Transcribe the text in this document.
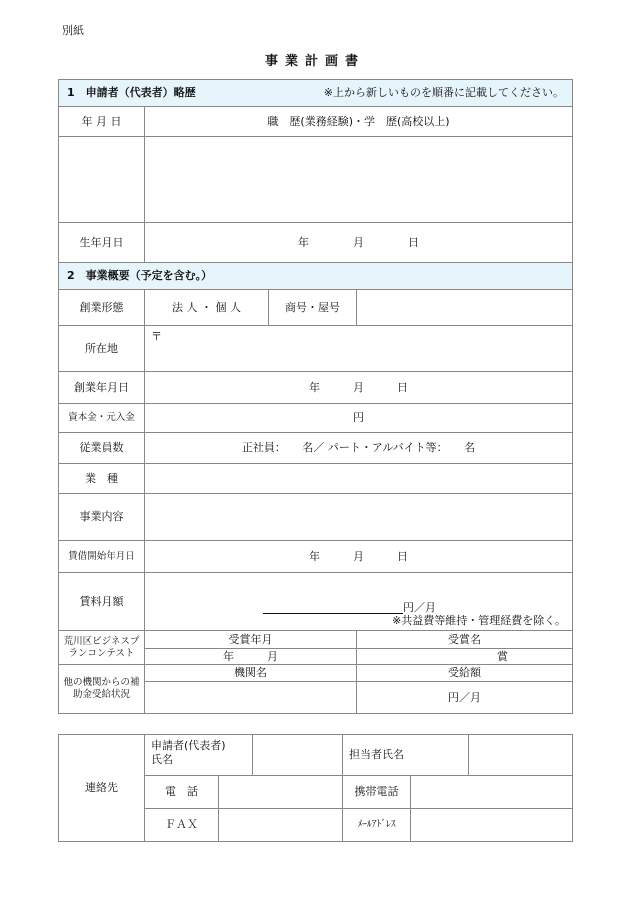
別紙
事業計画書
1　申請者（代表者）略歴 ※上から新しいものを順番に記載してください。			

年 月 日	職　歴(業務経験)・学　歴(高校以上)		

生年月日	年　　　　月　　　　日		
2　事業概要（予定を含む。）			
創業形態	法 人 ・ 個 人	商号・屋号	
所在地	〒		
創業年月日	年　　　月　　　日		
資本金・元入金	円		
従業員数	正社員：　　名／ パート・アルバイト等：　　名		
業　種			
事業内容			
賃借開始年月日	年　　　月　　　日		
賃料月額	円／月
※共益費等維持・管理経費を除く。		

荒川区ビジネスプランコンテスト	受賞年月		受賞名
	年　　　月		賞
他の機関からの補助金受給状況	機関名		受給額
			円／月
連絡先	申請者(代表者)
氏名			担当者氏名		
	電　話			携帯電話		
	ＦＡＸ			ﾒｰﾙｱﾄﾞﾚｽ		
